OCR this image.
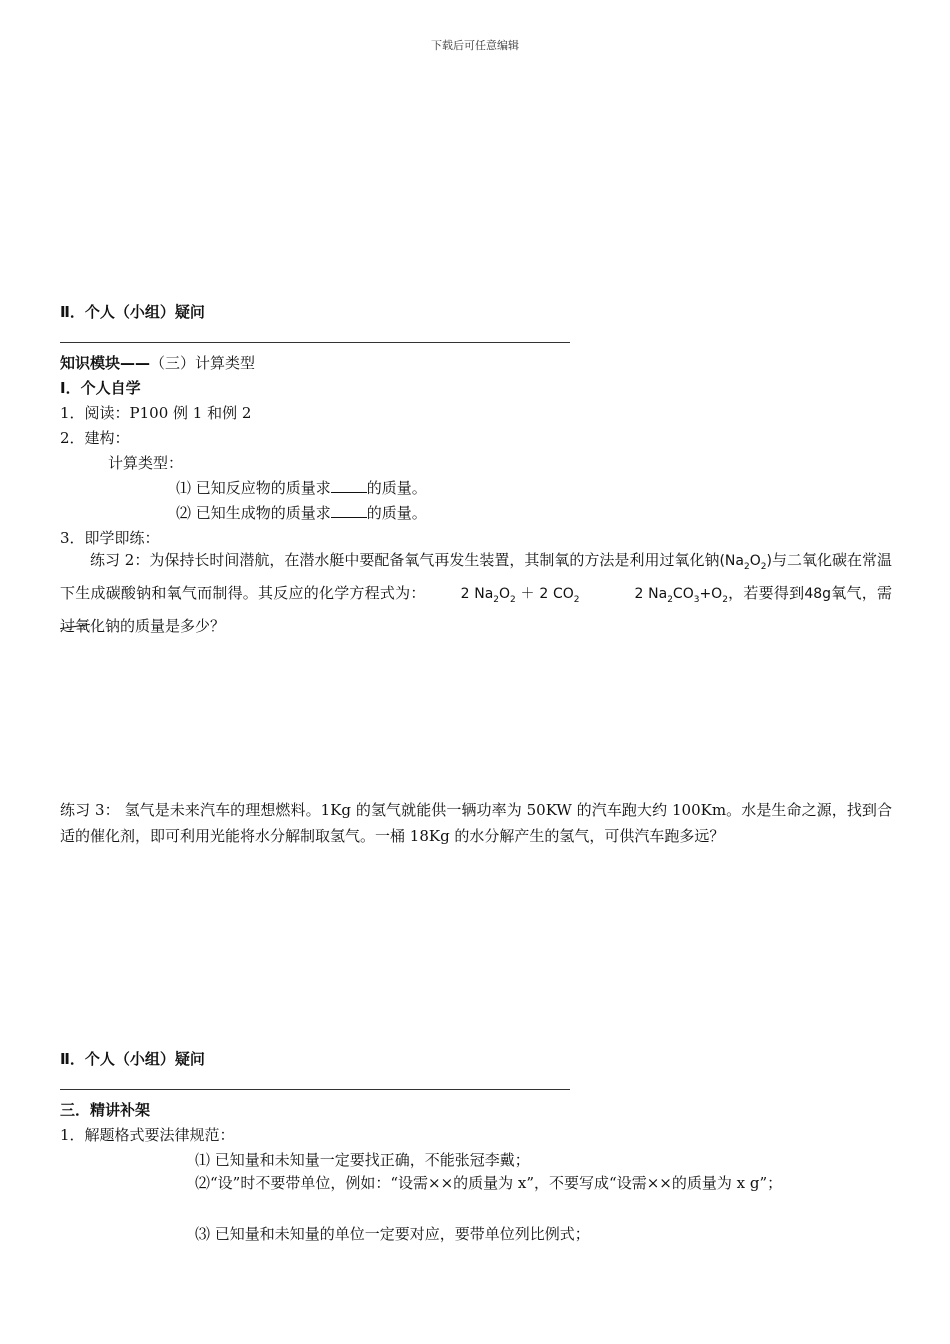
下载后可任意编辑
Ⅱ．个人（小组）疑问
知识模块——（三）计算类型
Ⅰ．个人自学
1．阅读：P100 例 1 和例 2
2．建构：
计算类型：
⑴ 已知反应物的质量求 的质量。
⑵ 已知生成物的质量求 的质量。
3．即学即练：
练习 2：为保持长时间潜航，在潜水艇中要配备氧气再发生装置，其制氧的方法是利用过氧化钠$(Na_2O_2)$与二氧化碳在常温下生成碳酸钠和氧气而制得。其反应的化学方程式为：	2 $Na_2O_2 + 2$ $CO_2$	2 $Na_2CO_3+O_2$，若要得到48g氧气，需过氧化钠的质量是多少？
练习 3： 氢气是未来汽车的理想燃料。1Kg 的氢气就能供一辆功率为 50KW 的汽车跑大约 100Km。水是生命之源，找到合适的催化剂，即可利用光能将水分解制取氢气。一桶 18Kg 的水分解产生的氢气，可供汽车跑多远？
Ⅱ．个人（小组）疑问
三．精讲补架
1．解题格式要法律规范：
⑴ 已知量和未知量一定要找正确，不能张冠李戴；
⑵“设”时不要带单位，例如：“设需××的质量为 x”，不要写成“设需××的质量为 x g”；
⑶ 已知量和未知量的单位一定要对应，要带单位列比例式；
